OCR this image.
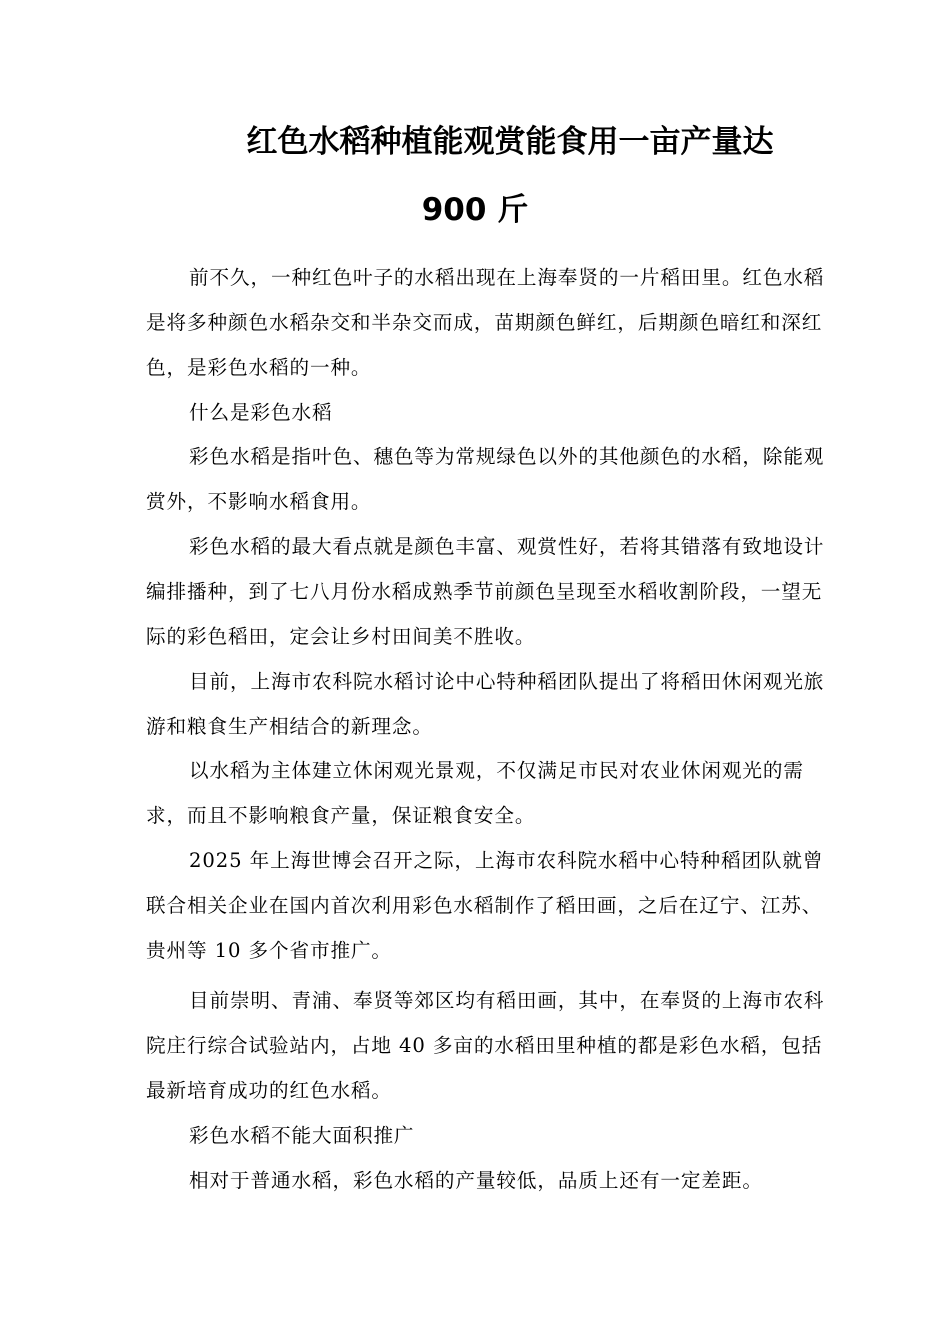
红色水稻种植能观赏能食用一亩产量达
900 斤

前不久，一种红色叶子的水稻出现在上海奉贤的一片稻田里。红色水稻是将多种颜色水稻杂交和半杂交而成，苗期颜色鲜红，后期颜色暗红和深红色，是彩色水稻的一种。

什么是彩色水稻

彩色水稻是指叶色、穗色等为常规绿色以外的其他颜色的水稻，除能观赏外，不影响水稻食用。

彩色水稻的最大看点就是颜色丰富、观赏性好，若将其错落有致地设计编排播种，到了七八月份水稻成熟季节前颜色呈现至水稻收割阶段，一望无际的彩色稻田，定会让乡村田间美不胜收。

目前，上海市农科院水稻讨论中心特种稻团队提出了将稻田休闲观光旅游和粮食生产相结合的新理念。

以水稻为主体建立休闲观光景观，不仅满足市民对农业休闲观光的需求，而且不影响粮食产量，保证粮食安全。

2025 年上海世博会召开之际，上海市农科院水稻中心特种稻团队就曾联合相关企业在国内首次利用彩色水稻制作了稻田画，之后在辽宁、江苏、贵州等 10 多个省市推广。

目前崇明、青浦、奉贤等郊区均有稻田画，其中，在奉贤的上海市农科院庄行综合试验站内，占地 40 多亩的水稻田里种植的都是彩色水稻，包括最新培育成功的红色水稻。

彩色水稻不能大面积推广

相对于普通水稻，彩色水稻的产量较低，品质上还有一定差距。
